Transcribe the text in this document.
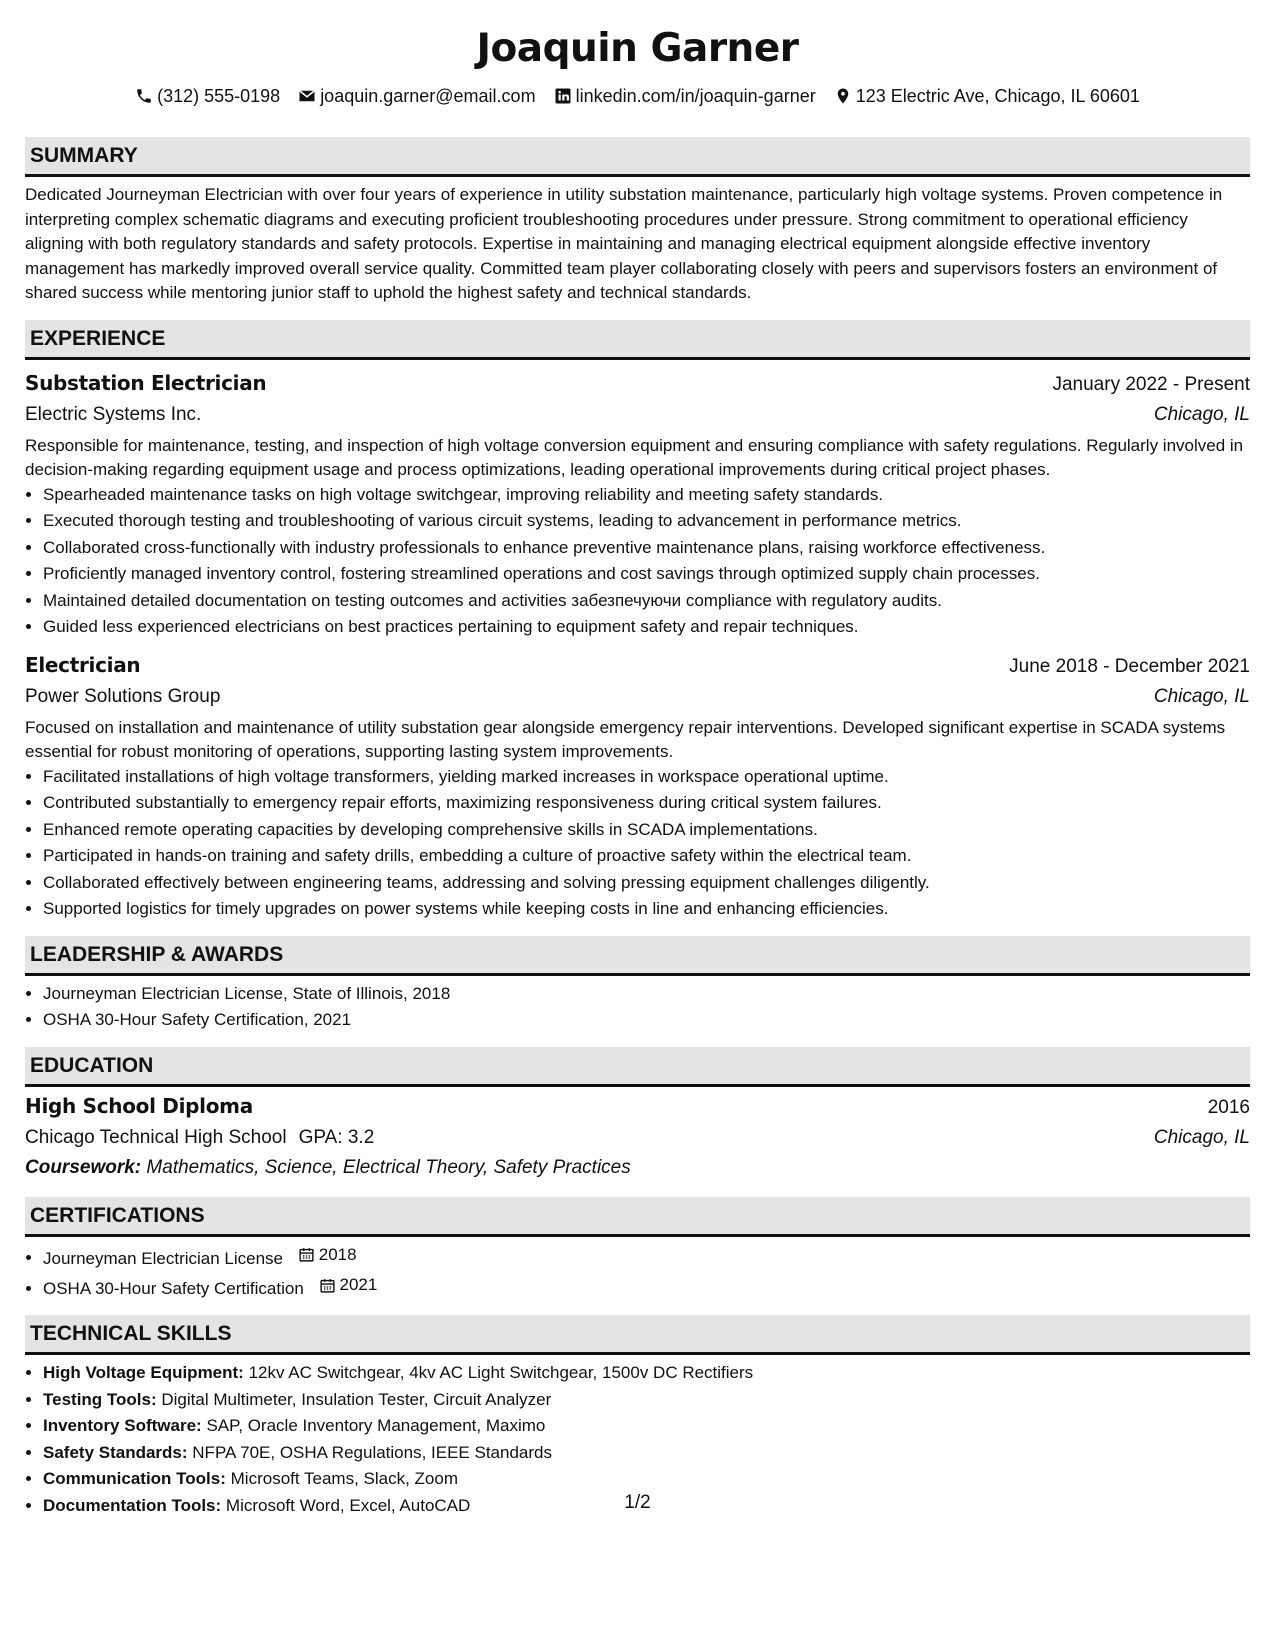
Joaquin Garner
(312) 555-0198 joaquin.garner@email.com linkedin.com/in/joaquin-garner 123 Electric Ave, Chicago, IL 60601
SUMMARY

Dedicated Journeyman Electrician with over four years of experience in utility substation maintenance, particularly high voltage systems. Proven competence in interpreting complex schematic diagrams and executing proficient troubleshooting procedures under pressure. Strong commitment to operational efficiency aligning with both regulatory standards and safety protocols. Expertise in maintaining and managing electrical equipment alongside effective inventory management has markedly improved overall service quality. Committed team player collaborating closely with peers and supervisors fosters an environment of shared success while mentoring junior staff to uphold the highest safety and technical standards.

EXPERIENCE
Substation Electrician	January 2022 - Present
Electric Systems Inc.	Chicago, IL

Responsible for maintenance, testing, and inspection of high voltage conversion equipment and ensuring compliance with safety regulations. Regularly involved in decision-making regarding equipment usage and process optimizations, leading operational improvements during critical project phases.

• Spearheaded maintenance tasks on high voltage switchgear, improving reliability and meeting safety standards.
• Executed thorough testing and troubleshooting of various circuit systems, leading to advancement in performance metrics.
• Collaborated cross-functionally with industry professionals to enhance preventive maintenance plans, raising workforce effectiveness.
• Proficiently managed inventory control, fostering streamlined operations and cost savings through optimized supply chain processes.
• Maintained detailed documentation on testing outcomes and activities забезпечуючи compliance with regulatory audits.
• Guided less experienced electricians on best practices pertaining to equipment safety and repair techniques.
Electrician	June 2018 - December 2021
Power Solutions Group	Chicago, IL

Focused on installation and maintenance of utility substation gear alongside emergency repair interventions. Developed significant expertise in SCADA systems essential for robust monitoring of operations, supporting lasting system improvements.

• Facilitated installations of high voltage transformers, yielding marked increases in workspace operational uptime.
• Contributed substantially to emergency repair efforts, maximizing responsiveness during critical system failures.
• Enhanced remote operating capacities by developing comprehensive skills in SCADA implementations.
• Participated in hands-on training and safety drills, embedding a culture of proactive safety within the electrical team.
• Collaborated effectively between engineering teams, addressing and solving pressing equipment challenges diligently.
• Supported logistics for timely upgrades on power systems while keeping costs in line and enhancing efficiencies.
LEADERSHIP & AWARDS
• Journeyman Electrician License, State of Illinois, 2018
• OSHA 30-Hour Safety Certification, 2021
EDUCATION
High School Diploma	2016
Chicago Technical High School GPA: 3.2	Chicago, IL
Coursework: Mathematics, Science, Electrical Theory, Safety Practices
CERTIFICATIONS
• Journeyman Electrician License 2018
• OSHA 30-Hour Safety Certification 2021
TECHNICAL SKILLS
• High Voltage Equipment: 12kv AC Switchgear, 4kv AC Light Switchgear, 1500v DC Rectifiers
• Testing Tools: Digital Multimeter, Insulation Tester, Circuit Analyzer
• Inventory Software: SAP, Oracle Inventory Management, Maximo
• Safety Standards: NFPA 70E, OSHA Regulations, IEEE Standards
• Communication Tools: Microsoft Teams, Slack, Zoom
• Documentation Tools: Microsoft Word, Excel, AutoCAD	1/2
